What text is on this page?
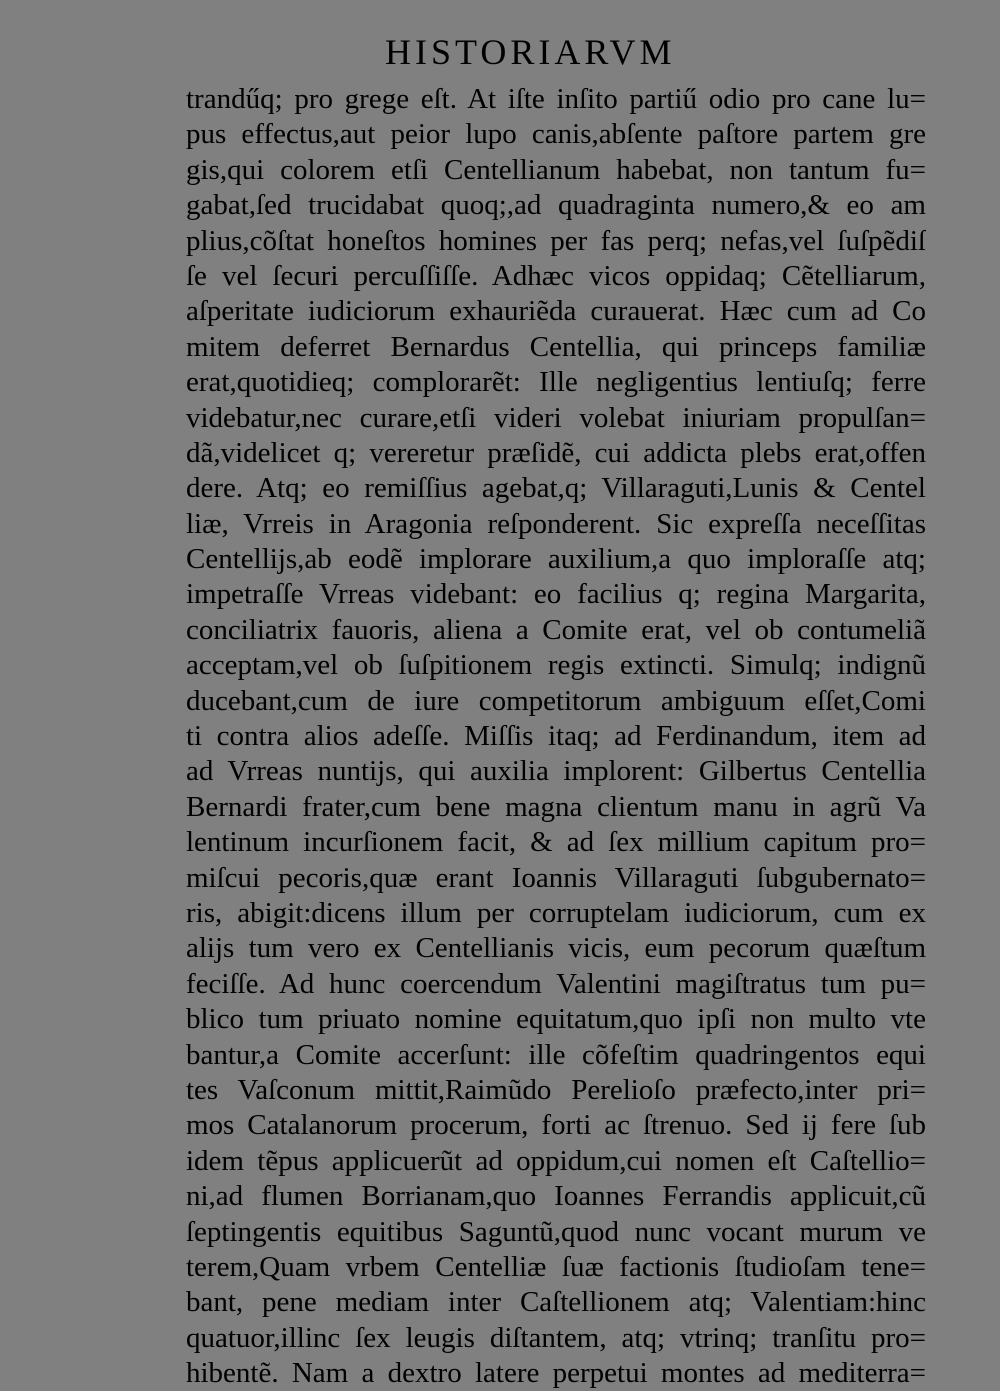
HISTORIARVM
trandűq; pro grege eſt. At iſte inſito partiű odio pro cane lu=
pus effectus,aut peior lupo canis,abſente paſtore partem gre
gis,qui colorem etſi Centellianum habebat, non tantum fu=
gabat,ſed trucidabat quoq;,ad quadraginta numero,& eo am
plius,cõſtat honeſtos homines per fas perq; nefas,vel ſuſpẽdiſ
ſe vel ſecuri percuſſiſſe. Adhæc vicos oppidaq; Cẽtelliarum,
aſperitate iudiciorum exhauriẽda curauerat. Hæc cum ad Co
mitem deferret Bernardus Centellia, qui princeps familiæ
erat,quotidieq; complorarẽt: Ille negligentius lentiuſq; ferre
videbatur,nec curare,etſi videri volebat iniuriam propulſan=
dã,videlicet q; vereretur præſidẽ, cui addicta plebs erat,offen
dere. Atq; eo remiſſius agebat,q; Villaraguti,Lunis & Centel
liæ, Vrreis in Aragonia reſponderent. Sic expreſſa neceſſitas
Centellijs,ab eodẽ implorare auxilium,a quo imploraſſe atq;
impetraſſe Vrreas videbant: eo facilius q; regina Margarita,
conciliatrix fauoris, aliena a Comite erat, vel ob contumeliã
acceptam,vel ob ſuſpitionem regis extincti. Simulq; indignũ
ducebant,cum de iure competitorum ambiguum eſſet,Comi
ti contra alios adeſſe. Miſſis itaq; ad Ferdinandum, item ad
ad Vrreas nuntijs, qui auxilia implorent: Gilbertus Centellia
Bernardi frater,cum bene magna clientum manu in agrũ Va
lentinum incurſionem facit, & ad ſex millium capitum pro=
miſcui pecoris,quæ erant Ioannis Villaraguti ſubgubernato=
ris, abigit:dicens illum per corruptelam iudiciorum, cum ex
alijs tum vero ex Centellianis vicis, eum pecorum quæſtum
feciſſe. Ad hunc coercendum Valentini magiſtratus tum pu=
blico tum priuato nomine equitatum,quo ipſi non multo vte
bantur,a Comite accerſunt: ille cõfeſtim quadringentos equi
tes Vaſconum mittit,Raimũdo Perelioſo præfecto,inter pri=
mos Catalanorum procerum, forti ac ſtrenuo. Sed ij fere ſub
idem tẽpus applicuerũt ad oppidum,cui nomen eſt Caſtellio=
ni,ad flumen Borrianam,quo Ioannes Ferrandis applicuit,cũ
ſeptingentis equitibus Saguntũ,quod nunc vocant murum ve
terem,Quam vrbem Centelliæ ſuæ factionis ſtudioſam tene=
bant, pene mediam inter Caſtellionem atq; Valentiam:hinc
quatuor,illinc ſex leugis diſtantem, atq; vtrinq; tranſitu pro=
hibentẽ. Nam a dextro latere perpetui montes ad mediterra=
